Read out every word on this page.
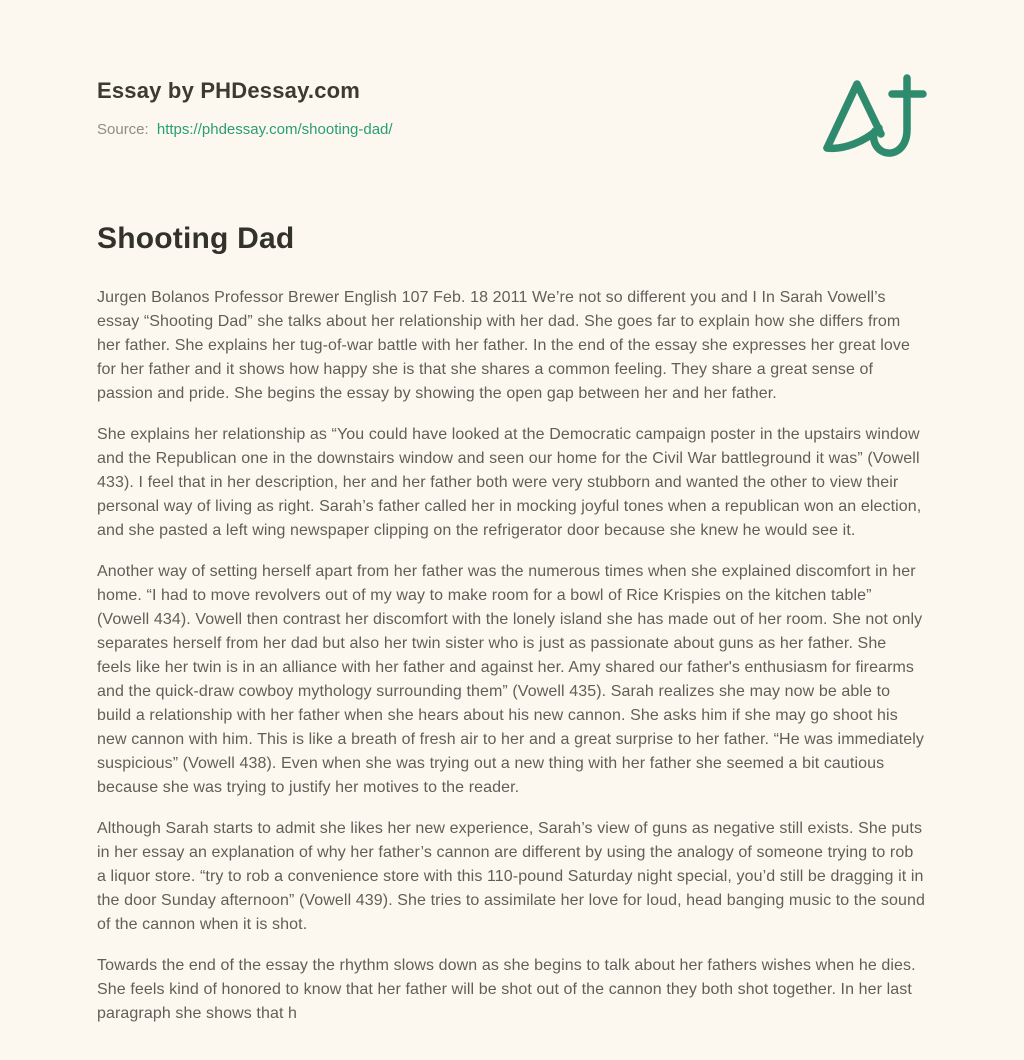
Essay by PHDessay.com
Source: https://phdessay.com/shooting-dad/
Shooting Dad

Jurgen Bolanos Professor Brewer English 107 Feb. 18 2011 We’re not so different you and I In Sarah Vowell’s essay “Shooting Dad” she talks about her relationship with her dad. She goes far to explain how she differs from her father. She explains her tug-of-war battle with her father. In the end of the essay she expresses her great love for her father and it shows how happy she is that she shares a common feeling. They share a great sense of passion and pride. She begins the essay by showing the open gap between her and her father.

She explains her relationship as “You could have looked at the Democratic campaign poster in the upstairs window and the Republican one in the downstairs window and seen our home for the Civil War battleground it was” (Vowell 433). I feel that in her description, her and her father both were very stubborn and wanted the other to view their personal way of living as right. Sarah’s father called her in mocking joyful tones when a republican won an election, and she pasted a left wing newspaper clipping on the refrigerator door because she knew he would see it.

Another way of setting herself apart from her father was the numerous times when she explained discomfort in her home. “I had to move revolvers out of my way to make room for a bowl of Rice Krispies on the kitchen table” (Vowell 434). Vowell then contrast her discomfort with the lonely island she has made out of her room. She not only separates herself from her dad but also her twin sister who is just as passionate about guns as her father. She feels like her twin is in an alliance with her father and against her. Amy shared our father's enthusiasm for firearms and the quick-draw cowboy mythology surrounding them” (Vowell 435). Sarah realizes she may now be able to build a relationship with her father when she hears about his new cannon. She asks him if she may go shoot his new cannon with him. This is like a breath of fresh air to her and a great surprise to her father. “He was immediately suspicious” (Vowell 438). Even when she was trying out a new thing with her father she seemed a bit cautious because she was trying to justify her motives to the reader.

Although Sarah starts to admit she likes her new experience, Sarah’s view of guns as negative still exists. She puts in her essay an explanation of why her father’s cannon are different by using the analogy of someone trying to rob a liquor store. “try to rob a convenience store with this 110-pound Saturday night special, you’d still be dragging it in the door Sunday afternoon” (Vowell 439). She tries to assimilate her love for loud, head banging music to the sound of the cannon when it is shot.

Towards the end of the essay the rhythm slows down as she begins to talk about her fathers wishes when he dies. She feels kind of honored to know that her father will be shot out of the cannon they both shot together. In her last paragraph she shows that h
